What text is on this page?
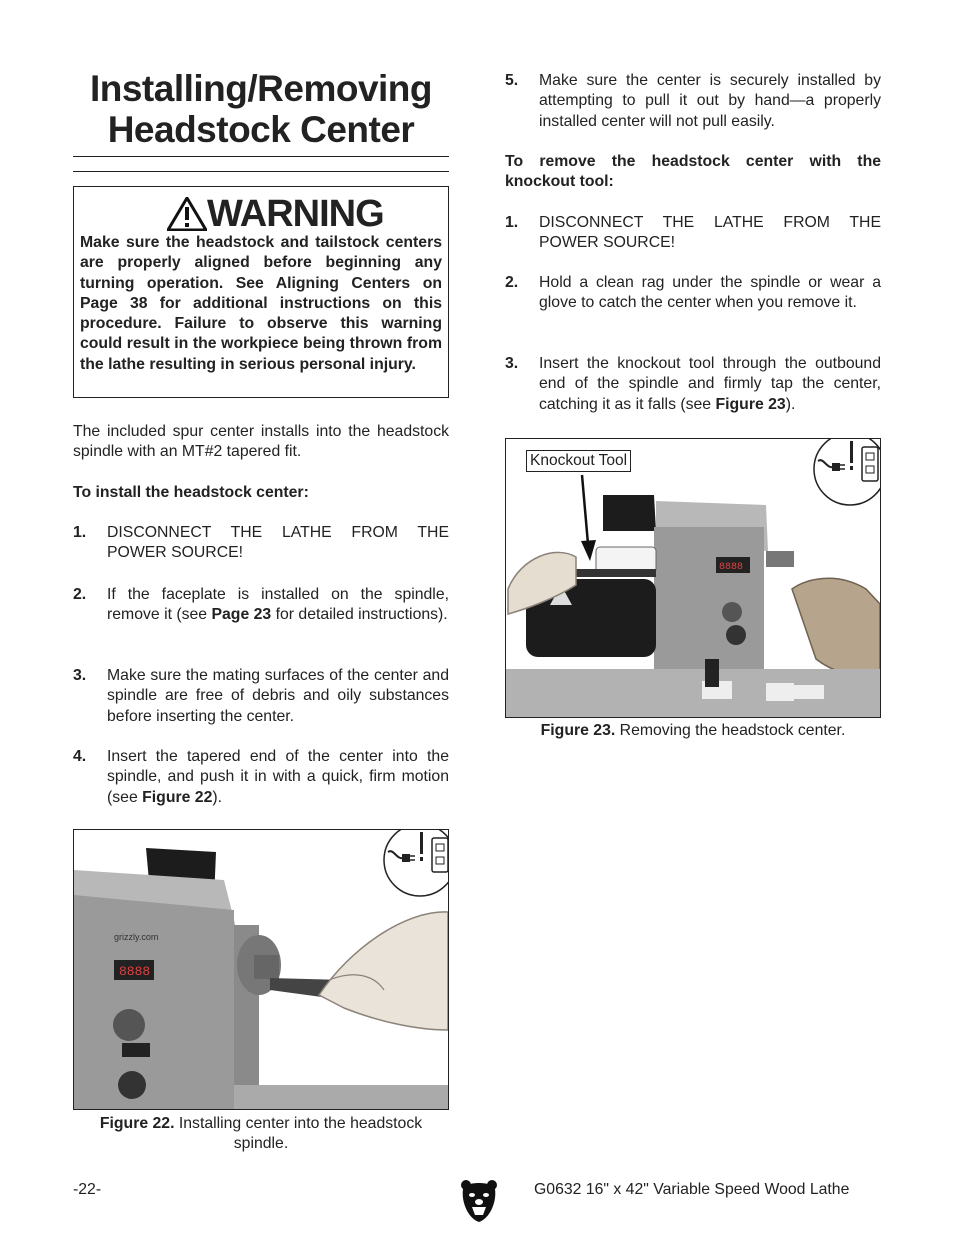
Installing/Removing
Headstock Center
WARNING
Make sure the headstock and tailstock centers are properly aligned before beginning any turning operation. See Aligning Centers on Page 38 for additional instructions on this procedure. Failure to observe this warning could result in the workpiece being thrown from the lathe resulting in serious personal injury.
The included spur center installs into the headstock spindle with an MT#2 tapered fit.
To install the headstock center:
1. DISCONNECT THE LATHE FROM THE POWER SOURCE!
2. If the faceplate is installed on the spindle, remove it (see Page 23 for detailed instructions).
3. Make sure the mating surfaces of the center and spindle are free of debris and oily substances before inserting the center.
4. Insert the tapered end of the center into the spindle, and push it in with a quick, firm motion (see Figure 22).
8888
grizzly.com
Figure 22. Installing center into the headstock spindle.
5. Make sure the center is securely installed by attempting to pull it out by hand—a properly installed center will not pull easily.
To remove the headstock center with the knockout tool:
1. DISCONNECT THE LATHE FROM THE POWER SOURCE!
2. Hold a clean rag under the spindle or wear a glove to catch the center when you remove it.
3. Insert the knockout tool through the outbound end of the spindle and firmly tap the center, catching it as it falls (see Figure 23).
8888
Knockout Tool
Figure 23. Removing the headstock center.
-22-	G0632 16" x 42" Variable Speed Wood Lathe
